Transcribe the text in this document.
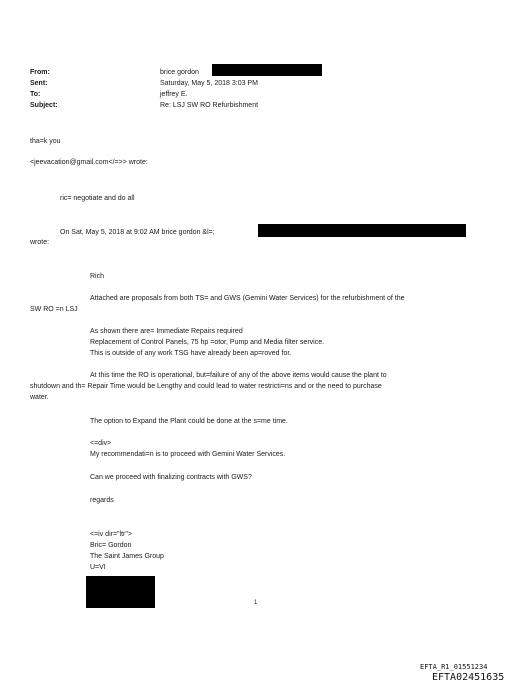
From:
Sent:
To:
Subject:
brice gordon
Saturday, May 5, 2018 3:03 PM
jeffrey E.
Re: LSJ SW RO Refurbishment
tha=k you
<jeevacation@gmail.com</=>> wrote:
ric= negotiate and do all
On Sat, May 5, 2018 at 9:02 AM brice gordon &l=;
wrote:
Rich
Attached are proposals from both TS= and GWS (Gemini Water Services) for the refurbishment of the
SW RO =n LSJ
As shown there are= Immediate Repairs required
Replacement of Control Panels, 75 hp =otor, Pump and Media filter service.
This is outside of any work TSG have already been ap=roved for.
At this time the RO is operational, but=failure of any of the above items would cause the plant to
shutdown and th= Repair Time would be Lengthy and could lead to water restricti=ns and or the need to purchase
water.
The option to Expand the Plant could be done at the s=me time.
<=div>
My recommendati=n is to proceed with Gemini Water Services.
Can we proceed with finalizing contracts with GWS?
regards
<=iv dir="ltr">
Bric= Gordon
The Saint James Group
U=VI
1
EFTA_R1_01551234
EFTA02451635
